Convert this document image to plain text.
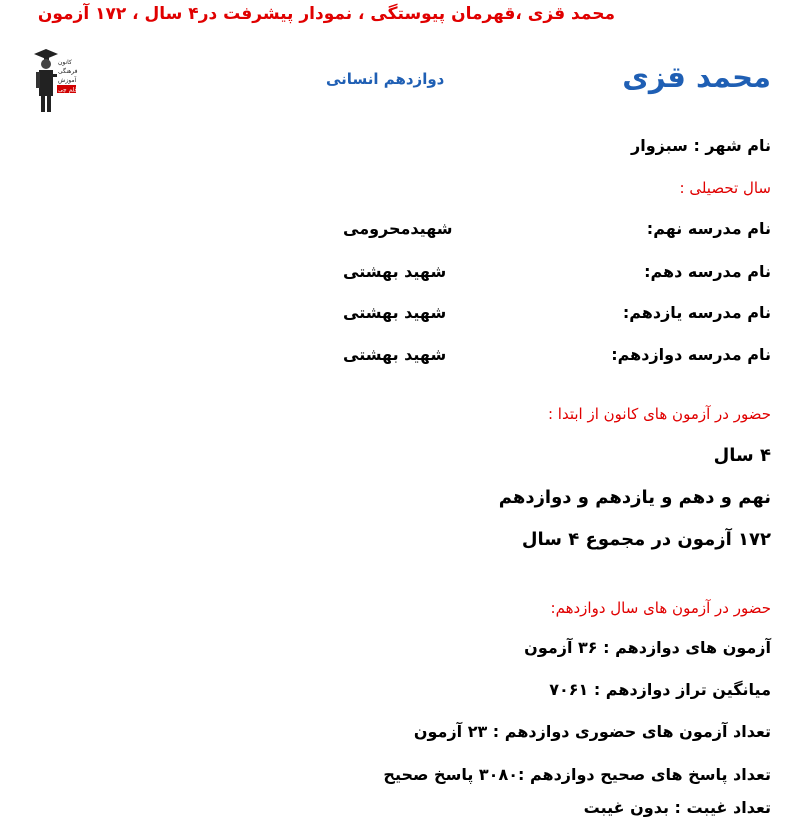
محمد قزی ،قهرمان پیوستگی ، نمودار پیشرفت در۴ سال ، ۱۷۲ آزمون
محمد قزی
دوازدهم انسانی
کانون
فرهنگی
آموزش
قلم چی
نام شهر : سبزوار
سال تحصیلی :
نام مدرسه نهم:
شهیدمحرومی
نام مدرسه دهم:
شهید بهشتی
نام مدرسه یازدهم:
شهید بهشتی
نام مدرسه دوازدهم:
شهید بهشتی
حضور در آزمون های کانون از ابتدا :
۴ سال
نهم و دهم و یازدهم و دوازدهم
۱۷۲ آزمون در مجموع ۴ سال
حضور در آزمون های سال دوازدهم:
آزمون های دوازدهم : ۳۶ آزمون
میانگین تراز دوازدهم : ۷۰۶۱
تعداد آزمون های حضوری دوازدهم : ۲۳ آزمون
تعداد پاسخ های صحیح دوازدهم :۳۰۸۰ پاسخ صحیح
تعداد غیبت : بدون غیبت
